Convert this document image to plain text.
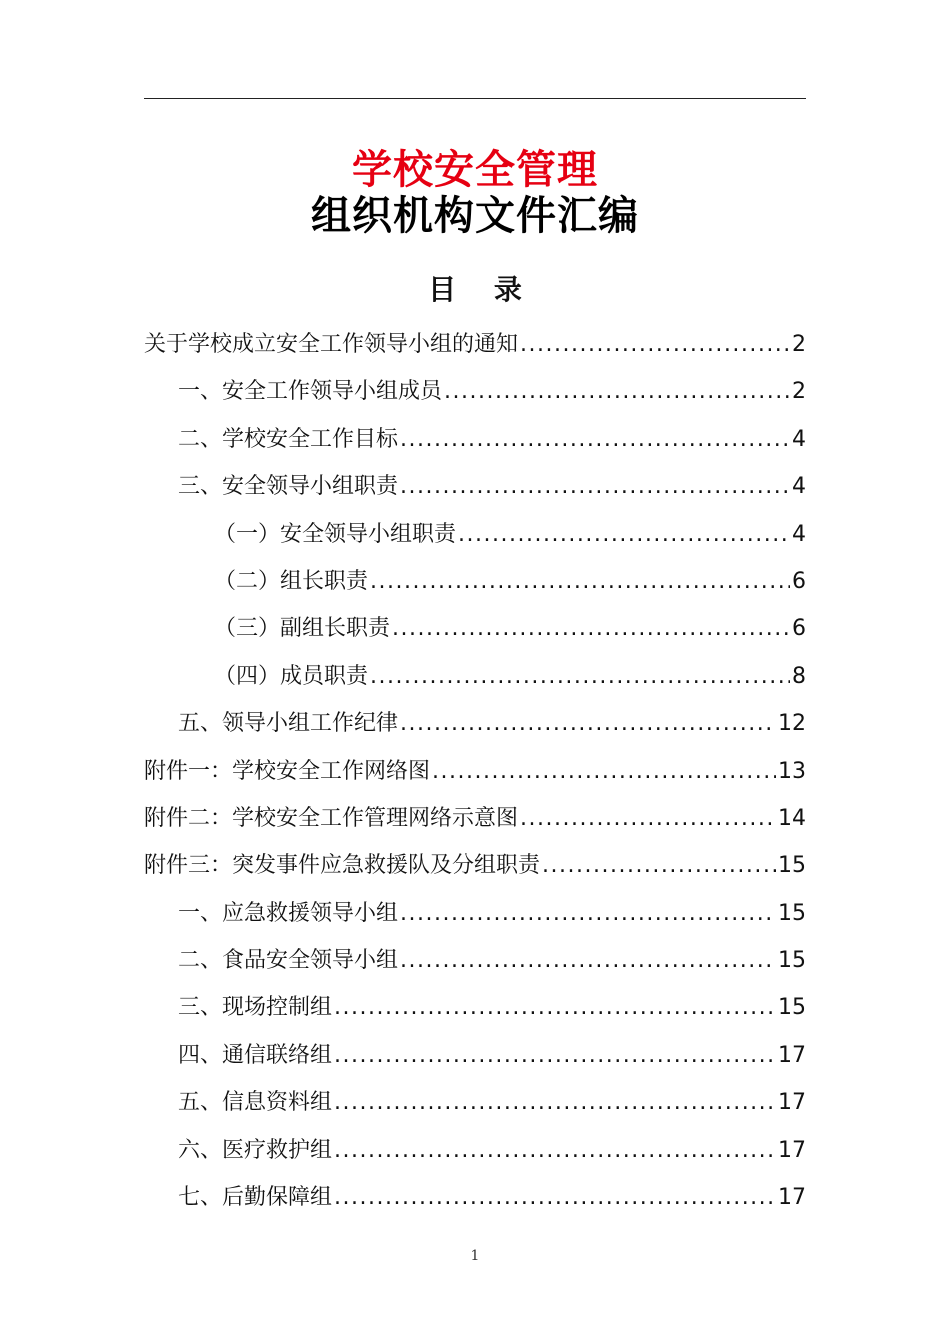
学校安全管理
组织机构文件汇编
目 录
关于学校成立安全工作领导小组的通知 .....	2
一、安全工作领导小组成员 .....	2
二、学校安全工作目标 .....	4
三、安全领导小组职责 .....	4
（一）安全领导小组职责 .....	4
（二）组长职责 .....	6
（三）副组长职责 .....	6
（四）成员职责 .....	8
五、领导小组工作纪律 .....	12
附件一：学校安全工作网络图 .....	13
附件二：学校安全工作管理网络示意图 .....	14
附件三：突发事件应急救援队及分组职责 .....	15
一、应急救援领导小组 .....	15
二、食品安全领导小组 .....	15
三、现场控制组 .....	15
四、通信联络组 .....	17
五、信息资料组 .....	17
六、医疗救护组 .....	17
七、后勤保障组 .....	17
1
